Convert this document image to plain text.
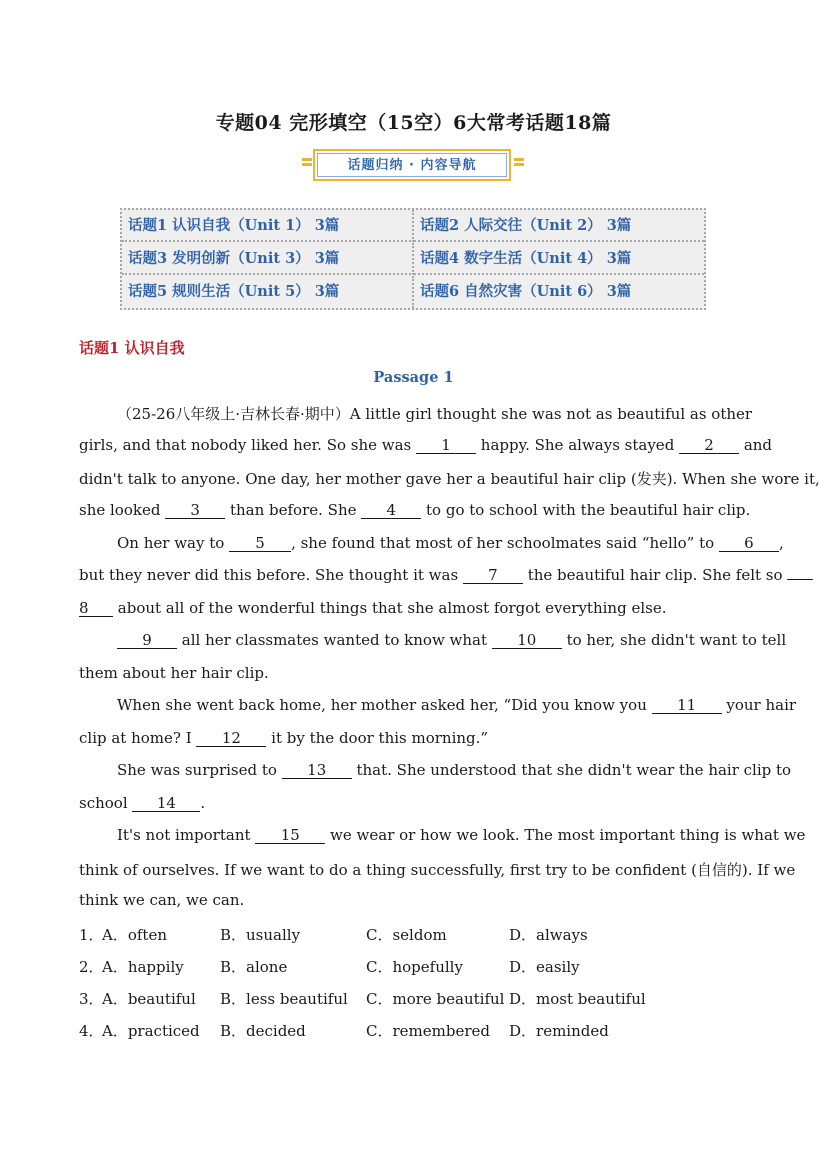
专题04 完形填空（15空）6大常考话题18篇
话题归纳 · 内容导航
话题1 认识自我（Unit 1） 3篇	话题2 人际交往（Unit 2） 3篇
话题3 发明创新（Unit 3） 3篇	话题4 数字生活（Unit 4） 3篇
话题5 规则生活（Unit 5） 3篇	话题6 自然灾害（Unit 6） 3篇
话题1 认识自我
Passage 1
（25-26八年级上·吉林长春·期中）A little girl thought she was not as beautiful as other
girls, and that nobody liked her. So she was 1 happy. She always stayed 2 and
didn't talk to anyone. One day, her mother gave her a beautiful hair clip (发夹). When she wore it,
she looked 3 than before. She 4 to go to school with the beautiful hair clip.
On her way to 5 , she found that most of her schoolmates said “hello” to 6 ,
but they never did this before. She thought it was 7 the beautiful hair clip. She felt so
8 about all of the wonderful things that she almost forgot everything else.
9 all her classmates wanted to know what 10 to her, she didn't want to tell
them about her hair clip.
When she went back home, her mother asked her, “Did you know you 11 your hair
clip at home? I 12 it by the door this morning.”
She was surprised to 13 that. She understood that she didn't wear the hair clip to
school 14 .
It's not important 15 we wear or how we look. The most important thing is what we
think of ourselves. If we want to do a thing successfully, first try to be confident (自信的). If we
think we can, we can.
1．
A．often	B．usually	C．seldom	D．always
2．
A．happily B．alone	C．hopefully	D．easily
3．
A．beautiful B．less beautiful C．more beautiful D．most beautiful
4．
A．practiced B．decided	C．remembered D．reminded
